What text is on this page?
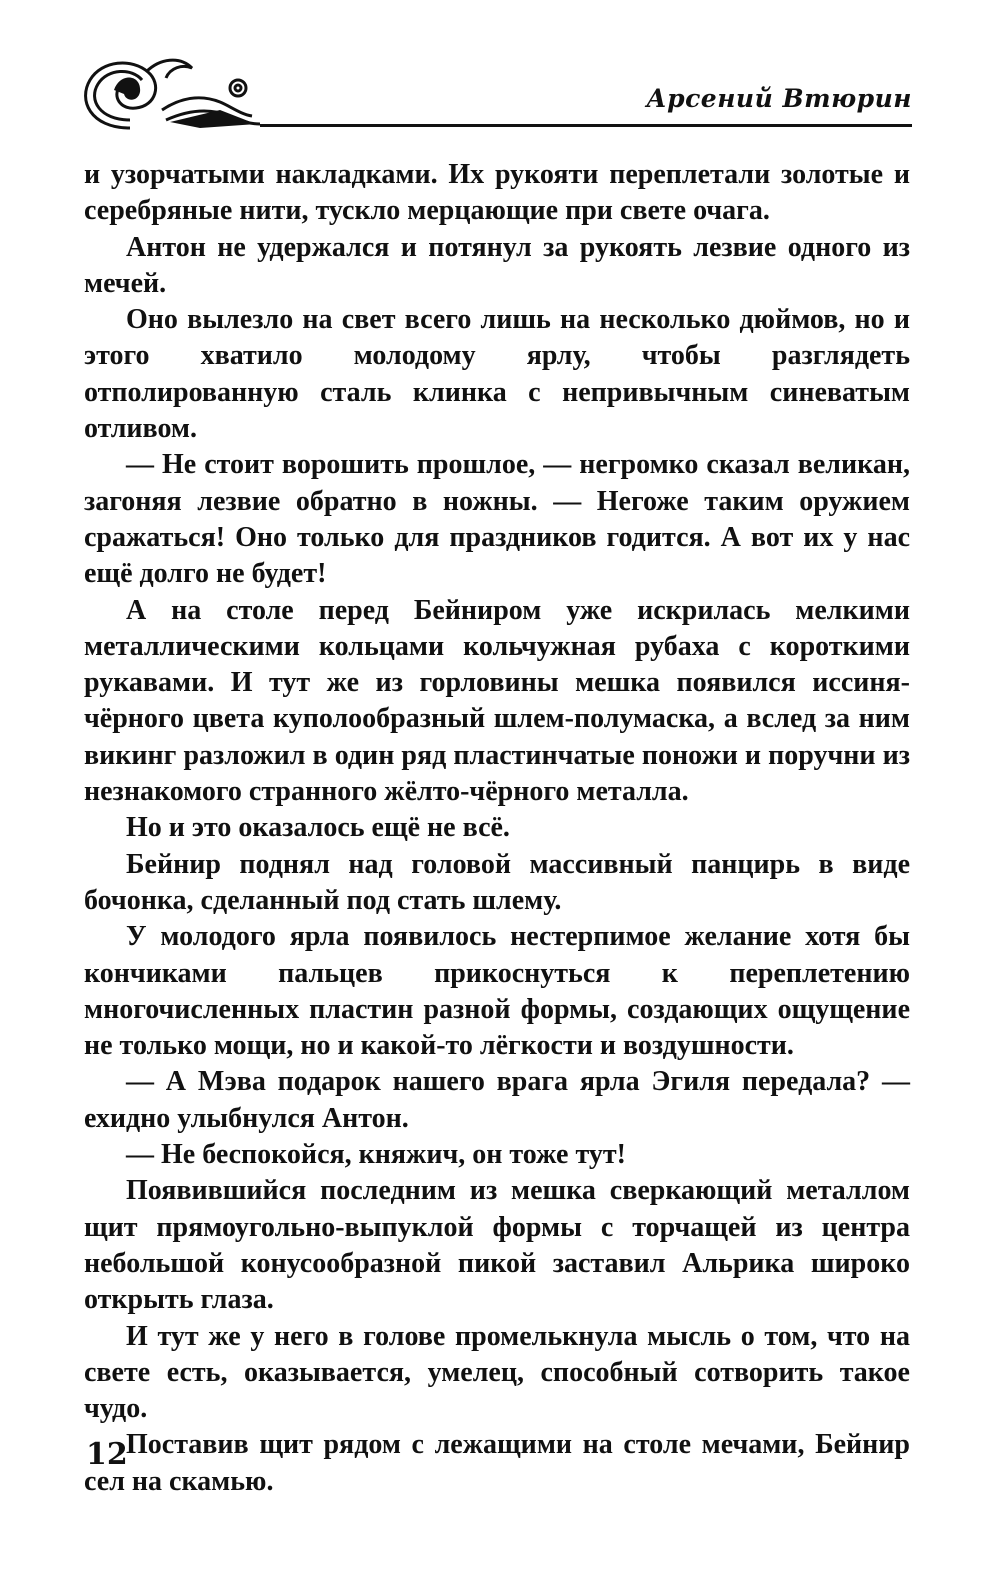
Арсений Втюрин

и узорчатыми накладками. Их рукояти переплетали золотые и серебряные нити, тускло мерцающие при свете очага.

Антон не удержался и потянул за рукоять лезвие одного из мечей.

Оно вылезло на свет всего лишь на несколько дюймов, но и этого хватило молодому ярлу, чтобы разглядеть отполированную сталь клинка с непривычным синеватым отливом.

— Не стоит ворошить прошлое, — негромко сказал великан, загоняя лезвие обратно в ножны. — Негоже таким оружием сражаться! Оно только для праздников годится. А вот их у нас ещё долго не будет!

А на столе перед Бейниром уже искрилась мелкими металлическими кольцами кольчужная рубаха с короткими рукавами. И тут же из горловины мешка появился иссиня-чёрного цвета куполообразный шлем-полумаска, а вслед за ним викинг разложил в один ряд пластинчатые поножи и поручни из незнакомого странного жёлто-чёрного металла.

Но и это оказалось ещё не всё.

Бейнир поднял над головой массивный панцирь в виде бочонка, сделанный под стать шлему.

У молодого ярла появилось нестерпимое желание хотя бы кончиками пальцев прикоснуться к переплетению многочисленных пластин разной формы, создающих ощущение не только мощи, но и какой-то лёгкости и воздушности.

— А Мэва подарок нашего врага ярла Эгиля передала? — ехидно улыбнулся Антон.

— Не беспокойся, княжич, он тоже тут!

Появившийся последним из мешка сверкающий металлом щит прямоугольно-выпуклой формы с торчащей из центра небольшой конусообразной пикой заставил Альрика широко открыть глаза.

И тут же у него в голове промелькнула мысль о том, что на свете есть, оказывается, умелец, способный сотворить такое чудо.

Поставив щит рядом с лежащими на столе мечами, Бейнир сел на скамью.

12
